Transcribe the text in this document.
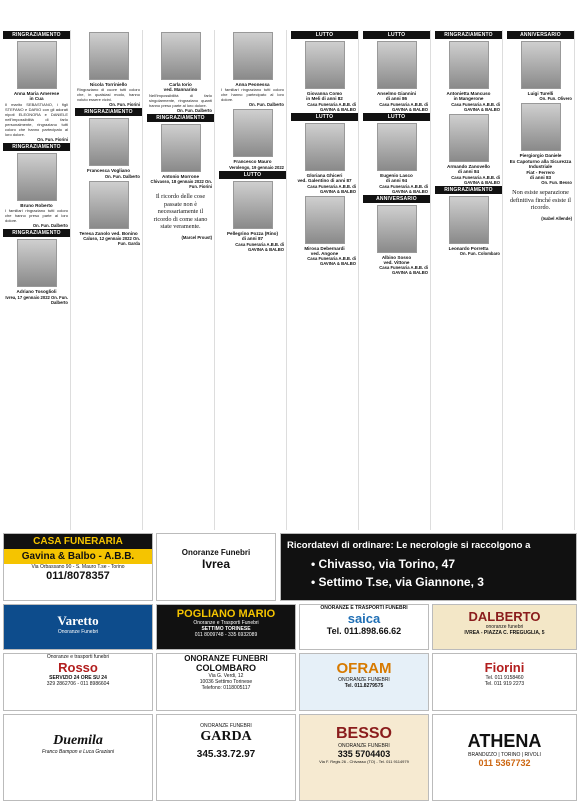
RINGRAZIAMENTO
Anna Maria Amerese
in Cua
Il marito SEBASTIANO, i figli STEFANO e DARIO con gli adorati nipoti ELEONORA e DANIELE nell'impossibilità di farlo personalmente, ringraziano tutti coloro che hanno partecipato al loro dolore.
On. Fun. Fiorini
RINGRAZIAMENTO
Bruno Roberto
I familiari ringraziano tutti coloro che hanno preso parte al loro dolore.
On. Fun. Dalberto
RINGRAZIAMENTO
Adriano Tosoglioli
Ivrea, 17 gennaio 2022 On. Fun. Dalberto
Nicola Torriniello
Ringraziano di cuore tutti coloro che, in qualsiasi modo, hanno voluto essere vicini.
On. Fun. Fiorini
RINGRAZIAMENTO
Francesca Vogliano
On. Fun. Dalberto
Teresa Zanolo ved. Bonino
Caluso, 12 gennaio 2022 On. Fun. Garda
Carla Iorio
ved. Mannarino
Nell'impossibilità di farlo singolarmente, ringraziano quanti hanno preso parte al loro dolore.
On. Fun. Dalberto
RINGRAZIAMENTO
Antonio Morrone
Chivasso, 18 gennaio 2022 On. Fun. Fiorini
Il ricordo delle cose passate non è necessariamente il ricordo di come siano state veramente.
(Marcel Proust)
Anna Peonessa
I familiari ringraziano tutti coloro che hanno partecipato al loro dolore.
On. Fun. Dalberto
Francesco Mauro
Verolengo, 19 gennaio 2022
LUTTO
Pellegrino Pozza (Rino)
di anni 87
Casa Funeraria A.B.B. di GAVINA & BALBO
LUTTO
Giovanna Como
in Meli di anni 82
Casa Funeraria A.B.B. di GAVINA & BALBO
LUTTO
Gloriana Ghiceri
ved. Galentino di anni 87
Casa Funeraria A.B.B. di GAVINA & BALBO
Mirosa Debernardi
ved. Angone
Casa Funeraria A.B.B. di GAVINA & BALBO
LUTTO
Anselmo Giannini
di anni 86
Casa Funeraria A.B.B. di GAVINA & BALBO
LUTTO
Eugenio Lasco
di anni 94
Casa Funeraria A.B.B. di GAVINA & BALBO
ANNIVERSARIO
Albino Sosso
ved. Vittone
Casa Funeraria A.B.B. di GAVINA & BALBO
RINGRAZIAMENTO
Antonietta Mancuso
in Mangerone
Casa Funeraria A.B.B. di GAVINA & BALBO
Armando Zanovello
di anni 84
Casa Funeraria A.B.B. di GAVINA & BALBO
RINGRAZIAMENTO
Leonardo Porretta
On. Fun. Colombaro
ANNIVERSARIO
Luigi Turelli
On. Fun. Olivero
Piergiorgio Daniele
Ex Capoturno alla Sicurezza Industriale
Fiat - Ferrero
di anni 83
On. Fun. Besso
Non esiste separazione definitiva finché esiste il ricordo.
(Isabel Allende)
CASA FUNERARIA
Gavina & Balbo - A.B.B.
Via Orbassano 90 - S. Mauro T.se - Torino
011/8078357
Onoranze Funebri
Ivrea
Ricordatevi di ordinare: Le necrologie si raccolgono a
• Chivasso, via Torino, 47
• Settimo T.se, via Giannone, 3
Varetto
Onoranze Funebri
POGLIANO MARIO
Onoranze e Trasporti Funebri
SETTIMO TORINESE
011 8009748 - 335 6932089
ONORANZE E TRASPORTI FUNEBRI
saica
Tel. 011.898.66.62
DALBERTO
onoranze funebri
IVREA - PIAZZA C. FREGUGLIA, 5
Onoranze e trasporti funebri
Rosso
SERVIZIO 24 ORE SU 24
329 2862706 - 011 8986604
ONORANZE FUNEBRI
COLOMBARO
Via G. Verdi, 12
10036 Settimo Torinese
Telefono: 0118005117
OFRAM
ONORANZE FUNEBRI
Tel. 011.8279575
Fiorini
Tel. 011 9158460
Tel. 011 919 2273
Duemila
Franco Bampon e Luca Graziani
ONORANZE FUNEBRI
GARDA
345.33.72.97
BESSO
ONORANZE FUNEBRI
335 5704403
Via F. Regis 26 - Chivasso (TO) - Tel. 011 9114979
ATHENA
BRANDIZZO | TORINO | RIVOLI
011 5367732
